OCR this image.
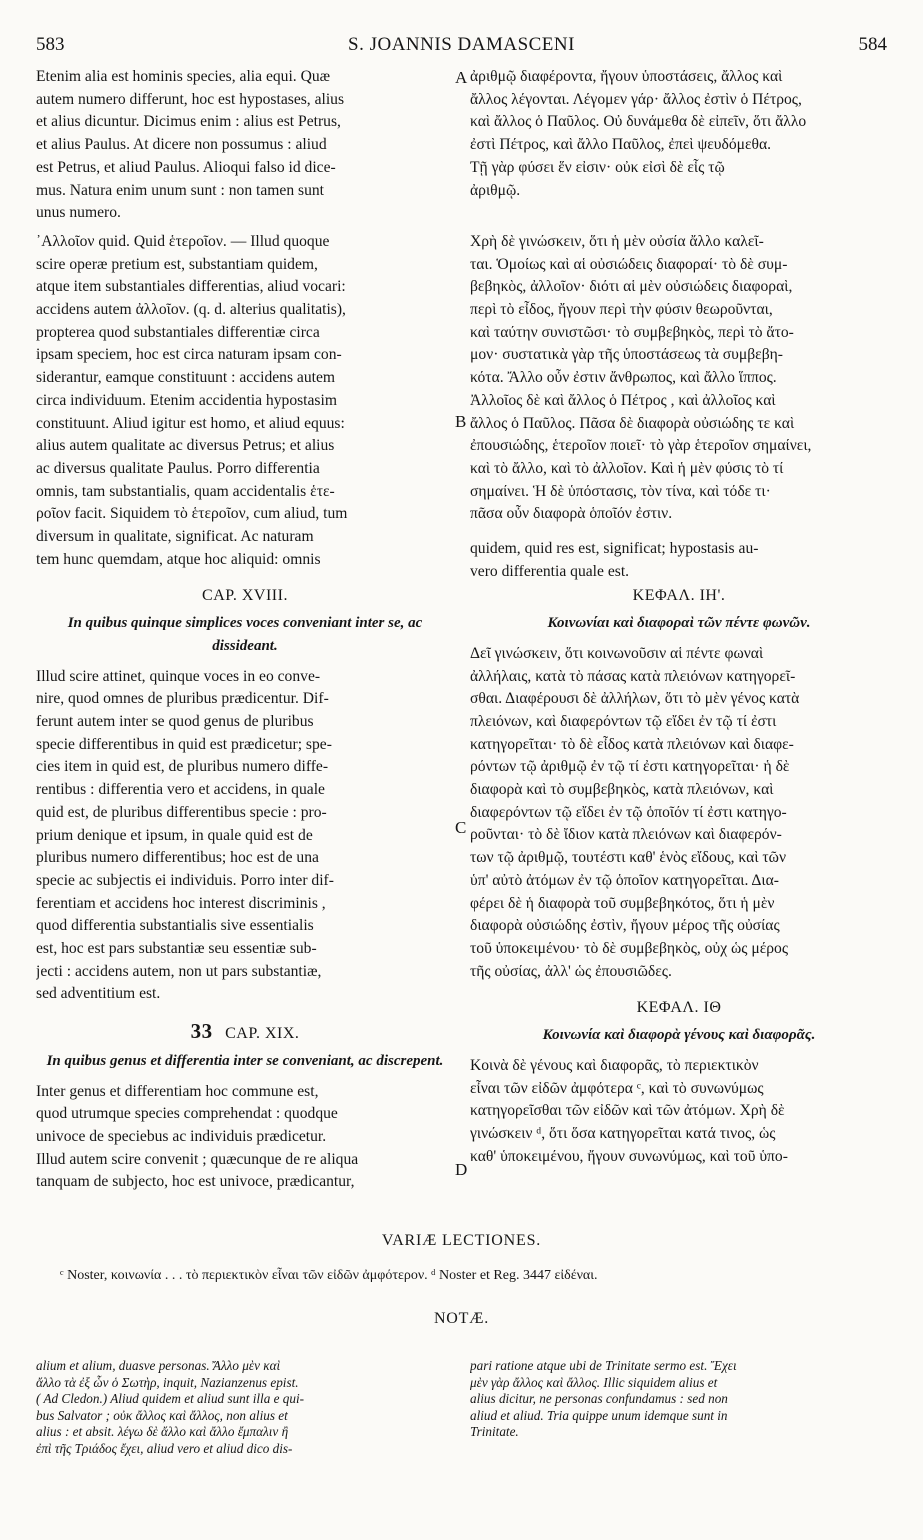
583	S. JOANNIS DAMASCENI	584
A
B
C
D
Etenim alia est hominis species, alia equi. Quæ
autem numero differunt, hoc est hypostases, alius
et alius dicuntur. Dicimus enim : alius est Petrus,
et alius Paulus. At dicere non possumus : aliud
est Petrus, et aliud Paulus. Alioqui falso id dice-
mus. Natura enim unum sunt : non tamen sunt
unus numero.
᾿Αλλοῖον quid. Quid ἑτεροῖον. — Illud quoque
scire operæ pretium est, substantiam quidem,
atque item substantiales differentias, aliud vocari:
accidens autem ἀλλοῖον. (q. d. alterius qualitatis),
propterea quod substantiales differentiæ circa
ipsam speciem, hoc est circa naturam ipsam con-
siderantur, eamque constituunt : accidens autem
circa individuum. Etenim accidentia hypostasim
constituunt. Aliud igitur est homo, et aliud equus:
alius autem qualitate ac diversus Petrus; et alius
ac diversus qualitate Paulus. Porro differentia
omnis, tam substantialis, quam accidentalis ἑτε-
ροῖον facit. Siquidem τὸ ἑτεροῖον, cum aliud, tum
diversum in qualitate, significat. Ac naturam
tem hunc quemdam, atque hoc aliquid: omnis
CAP. XVIII.
In quibus quinque simplices voces conveniant inter se, ac dissideant.
Illud scire attinet, quinque voces in eo conve-
nire, quod omnes de pluribus prædicentur. Dif-
ferunt autem inter se quod genus de pluribus
specie differentibus in quid est prædicetur; spe-
cies item in quid est, de pluribus numero diffe-
rentibus : differentia vero et accidens, in quale
quid est, de pluribus differentibus specie : pro-
prium denique et ipsum, in quale quid est de
pluribus numero differentibus; hoc est de una
specie ac subjectis ei individuis. Porro inter dif-
ferentiam et accidens hoc interest discriminis ,
quod differentia substantialis sive essentialis
est, hoc est pars substantiæ seu essentiæ sub-
jecti : accidens autem, non ut pars substantiæ,
sed adventitium est.
33 CAP. XIX.
In quibus genus et differentia inter se conveniant, ac discrepent.
Inter genus et differentiam hoc commune est,
quod utrumque species comprehendat : quodque
univoce de speciebus ac individuis prædicetur.
Illud autem scire convenit ; quæcunque de re aliqua
tanquam de subjecto, hoc est univoce, prædicantur,
ἀριθμῷ διαφέροντα, ἤγουν ὑποστάσεις, ἄλλος καὶ
ἄλλος λέγονται. Λέγομεν γάρ· ἄλλος ἐστὶν ὁ Πέτρος,
καὶ ἄλλος ὁ Παῦλος. Οὐ δυνάμεθα δὲ εἰπεῖν, ὅτι ἄλλο
ἐστὶ Πέτρος, καὶ ἄλλο Παῦλος, ἐπεὶ ψευδόμεθα.
Τῇ γὰρ φύσει ἕν εἰσιν· οὐκ εἰσὶ δὲ εἷς τῷ
ἀριθμῷ.
Χρὴ δὲ γινώσκειν, ὅτι ἡ μὲν οὐσία ἄλλο καλεῖ-
ται. Ὁμοίως καὶ αἱ οὐσιώδεις διαφοραί· τὸ δὲ συμ-
βεβηκὸς, ἀλλοῖον· διότι αἱ μὲν οὐσιώδεις διαφοραὶ,
περὶ τὸ εἶδος, ἤγουν περὶ τὴν φύσιν θεωροῦνται,
καὶ ταύτην συνιστῶσι· τὸ συμβεβηκὸς, περὶ τὸ ἄτο-
μον· συστατικὰ γὰρ τῆς ὑποστάσεως τὰ συμβεβη-
κότα. Ἄλλο οὖν ἐστιν ἄνθρωπος, καὶ ἄλλο ἵππος.
Ἀλλοῖος δὲ καὶ ἄλλος ὁ Πέτρος , καὶ ἀλλοῖος καὶ
ἄλλος ὁ Παῦλος. Πᾶσα δὲ διαφορὰ οὐσιώδης τε καὶ
ἐπουσιώδης, ἑτεροῖον ποιεῖ· τὸ γὰρ ἑτεροῖον σημαίνει,
καὶ τὸ ἄλλο, καὶ τὸ ἀλλοῖον. Καὶ ἡ μὲν φύσις τὸ τί
σημαίνει. Ἡ δὲ ὑπόστασις, τὸν τίνα, καὶ τόδε τι·
πᾶσα οὖν διαφορὰ ὁποῖόν ἐστιν.
ΚΕΦΑΛ. ΙΗ'.
Κοινωνίαι καὶ διαφοραὶ τῶν πέντε φωνῶν.
Δεῖ γινώσκειν, ὅτι κοινωνοῦσιν αἱ πέντε φωναὶ
ἀλλήλαις, κατὰ τὸ πάσας κατὰ πλειόνων κατηγορεῖ-
σθαι. Διαφέρουσι δὲ ἀλλήλων, ὅτι τὸ μὲν γένος κατὰ
πλειόνων, καὶ διαφερόντων τῷ εἴδει ἐν τῷ τί ἐστι
κατηγορεῖται· τὸ δὲ εἶδος κατὰ πλειόνων καὶ διαφε-
ρόντων τῷ ἀριθμῷ ἐν τῷ τί ἐστι κατηγορεῖται· ἡ δὲ
διαφορὰ καὶ τὸ συμβεβηκὸς, κατὰ πλειόνων, καὶ
διαφερόντων τῷ εἴδει ἐν τῷ ὁποῖόν τί ἐστι κατηγο-
ροῦνται· τὸ δὲ ἴδιον κατὰ πλειόνων καὶ διαφερόν-
των τῷ ἀριθμῷ, τουτέστι καθ' ἑνὸς εἴδους, καὶ τῶν
ὑπ' αὐτὸ ἀτόμων ἐν τῷ ὁποῖον κατηγορεῖται. Δια-
φέρει δὲ ἡ διαφορὰ τοῦ συμβεβηκότος, ὅτι ἡ μὲν
διαφορὰ οὐσιώδης ἐστὶν, ἤγουν μέρος τῆς οὐσίας
τοῦ ὑποκειμένου· τὸ δὲ συμβεβηκὸς, οὐχ ὡς μέρος
τῆς οὐσίας, ἀλλ' ὡς ἐπουσιῶδες.
ΚΕΦΑΛ. ΙΘ
Κοινωνία καὶ διαφορὰ γένους καὶ διαφορᾶς.
Κοινὰ δὲ γένους καὶ διαφορᾶς, τὸ περιεκτικὸν
εἶναι τῶν εἰδῶν ἀμφότερα ᶜ, καὶ τὸ συνωνύμως
κατηγορεῖσθαι τῶν εἰδῶν καὶ τῶν ἀτόμων. Χρὴ δὲ
γινώσκειν ᵈ, ὅτι ὅσα κατηγορεῖται κατά τινος, ὡς
καθ' ὑποκειμένου, ἤγουν συνωνύμως, καὶ τοῦ ὑπο-
quidem, quid res est, significat; hypostasis au-
vero differentia quale est.
VARIÆ LECTIONES.
ᶜ Noster, κοινωνία . . . τὸ περιεκτικὸν εἶναι τῶν εἰδῶν ἀμφότερον. ᵈ Noster et Reg. 3447 εἰδέναι.
NOTÆ.
alium et alium, duasve personas. Ἄλλο μὲν καὶ
ἄλλο τὰ ἐξ ὧν ὁ Σωτὴρ, inquit, Nazianzenus epist.
( Ad Cledon.) Aliud quidem et aliud sunt illa e qui-
bus Salvator ; οὐκ ἄλλος καὶ ἄλλος, non alius et
alius : et absit. λέγω δὲ ἄλλο καὶ ἄλλο ἔμπαλιν ἢ
ἐπὶ τῆς Τριάδος ἔχει, aliud vero et aliud dico dis-
pari ratione atque ubi de Trinitate sermo est. Ἔχει
μὲν γὰρ ἄλλος καὶ ἄλλος. Illic siquidem alius et
alius dicitur, ne personas confundamus : sed non
aliud et aliud. Tria quippe unum idemque sunt in
Trinitate.
